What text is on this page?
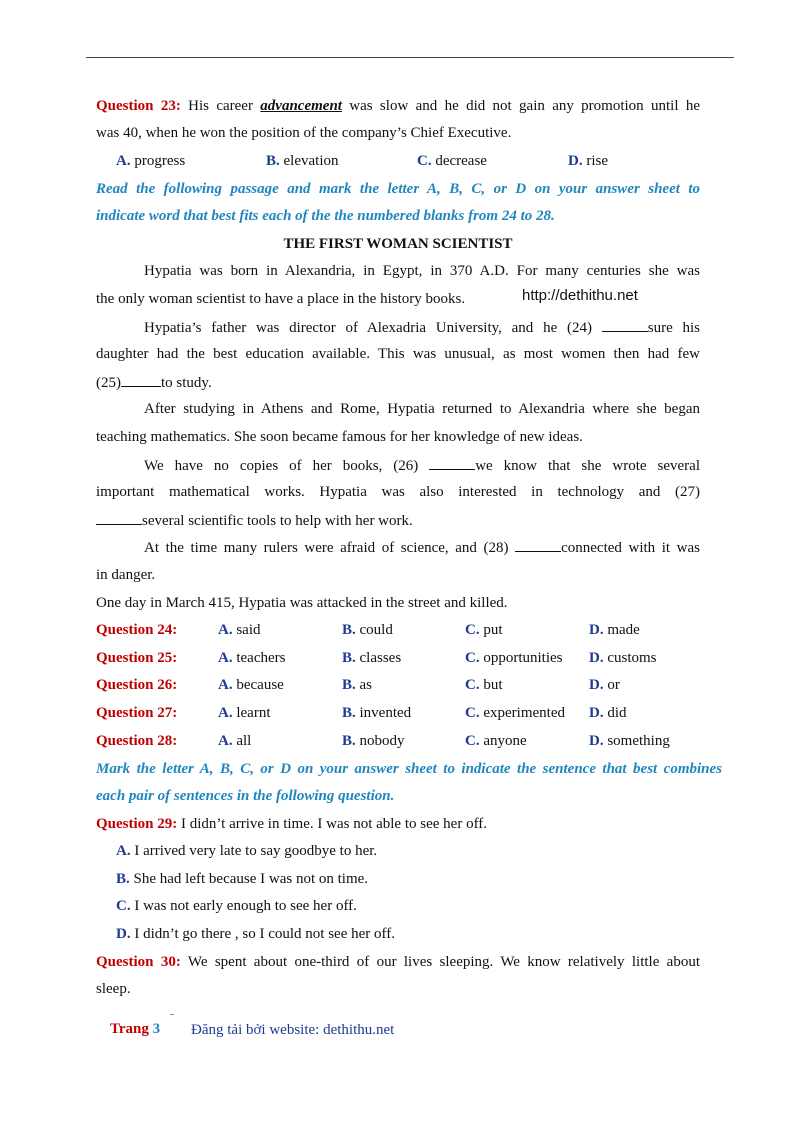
Question 23: His career advancement was slow and he did not gain any promotion until he
was 40, when he won the position of the company’s Chief Executive.
A. progress	B. elevation	C. decrease	D. rise
Read the following passage and mark the letter A, B, C, or D on your answer sheet to
indicate word that best fits each of the the numbered blanks from 24 to 28.
THE FIRST WOMAN SCIENTIST
Hypatia was born in Alexandria, in Egypt, in 370 A.D. For many centuries she was
the only woman scientist to have a place in the history books.	http://dethithu.net
Hypatia’s father was director of Alexadria University, and he (24)	sure his
daughter had the best education available. This was unusual, as most women then had few
(25)	to study.
After studying in Athens and Rome, Hypatia returned to Alexandria where she began
teaching mathematics. She soon became famous for her knowledge of new ideas.
We have no copies of her books, (26)	we know that she wrote several
important mathematical works. Hypatia was also interested in technology and (27)
several scientific tools to help with her work.
At the time many rulers were afraid of science, and (28)	connected with it was
in danger.
One day in March 415, Hypatia was attacked in the street and killed.
Question 24:	A. said	B. could	C. put	D. made
Question 25:	A. teachers	B. classes	C. opportunities D. customs
Question 26:	A. because	B. as	C. but	D. or
Question 27:	A. learnt	B. invented	C. experimented D. did
Question 28:	A. all	B. nobody	C. anyone	D. something
Mark the letter A, B, C, or D on your answer sheet to indicate the sentence that best combines
each pair of sentences in the following question.
Question 29: I didn’t arrive in time. I was not able to see her off.
A. I arrived very late to say goodbye to her.
B. She had left because I was not on time.
C. I was not early enough to see her off.
D. I didn’t go there , so I could not see her off.
Question 30: We spent about one-third of our lives sleeping. We know relatively little about
sleep.
Trang 3 Đăng tải bởi website: dethithu.net
